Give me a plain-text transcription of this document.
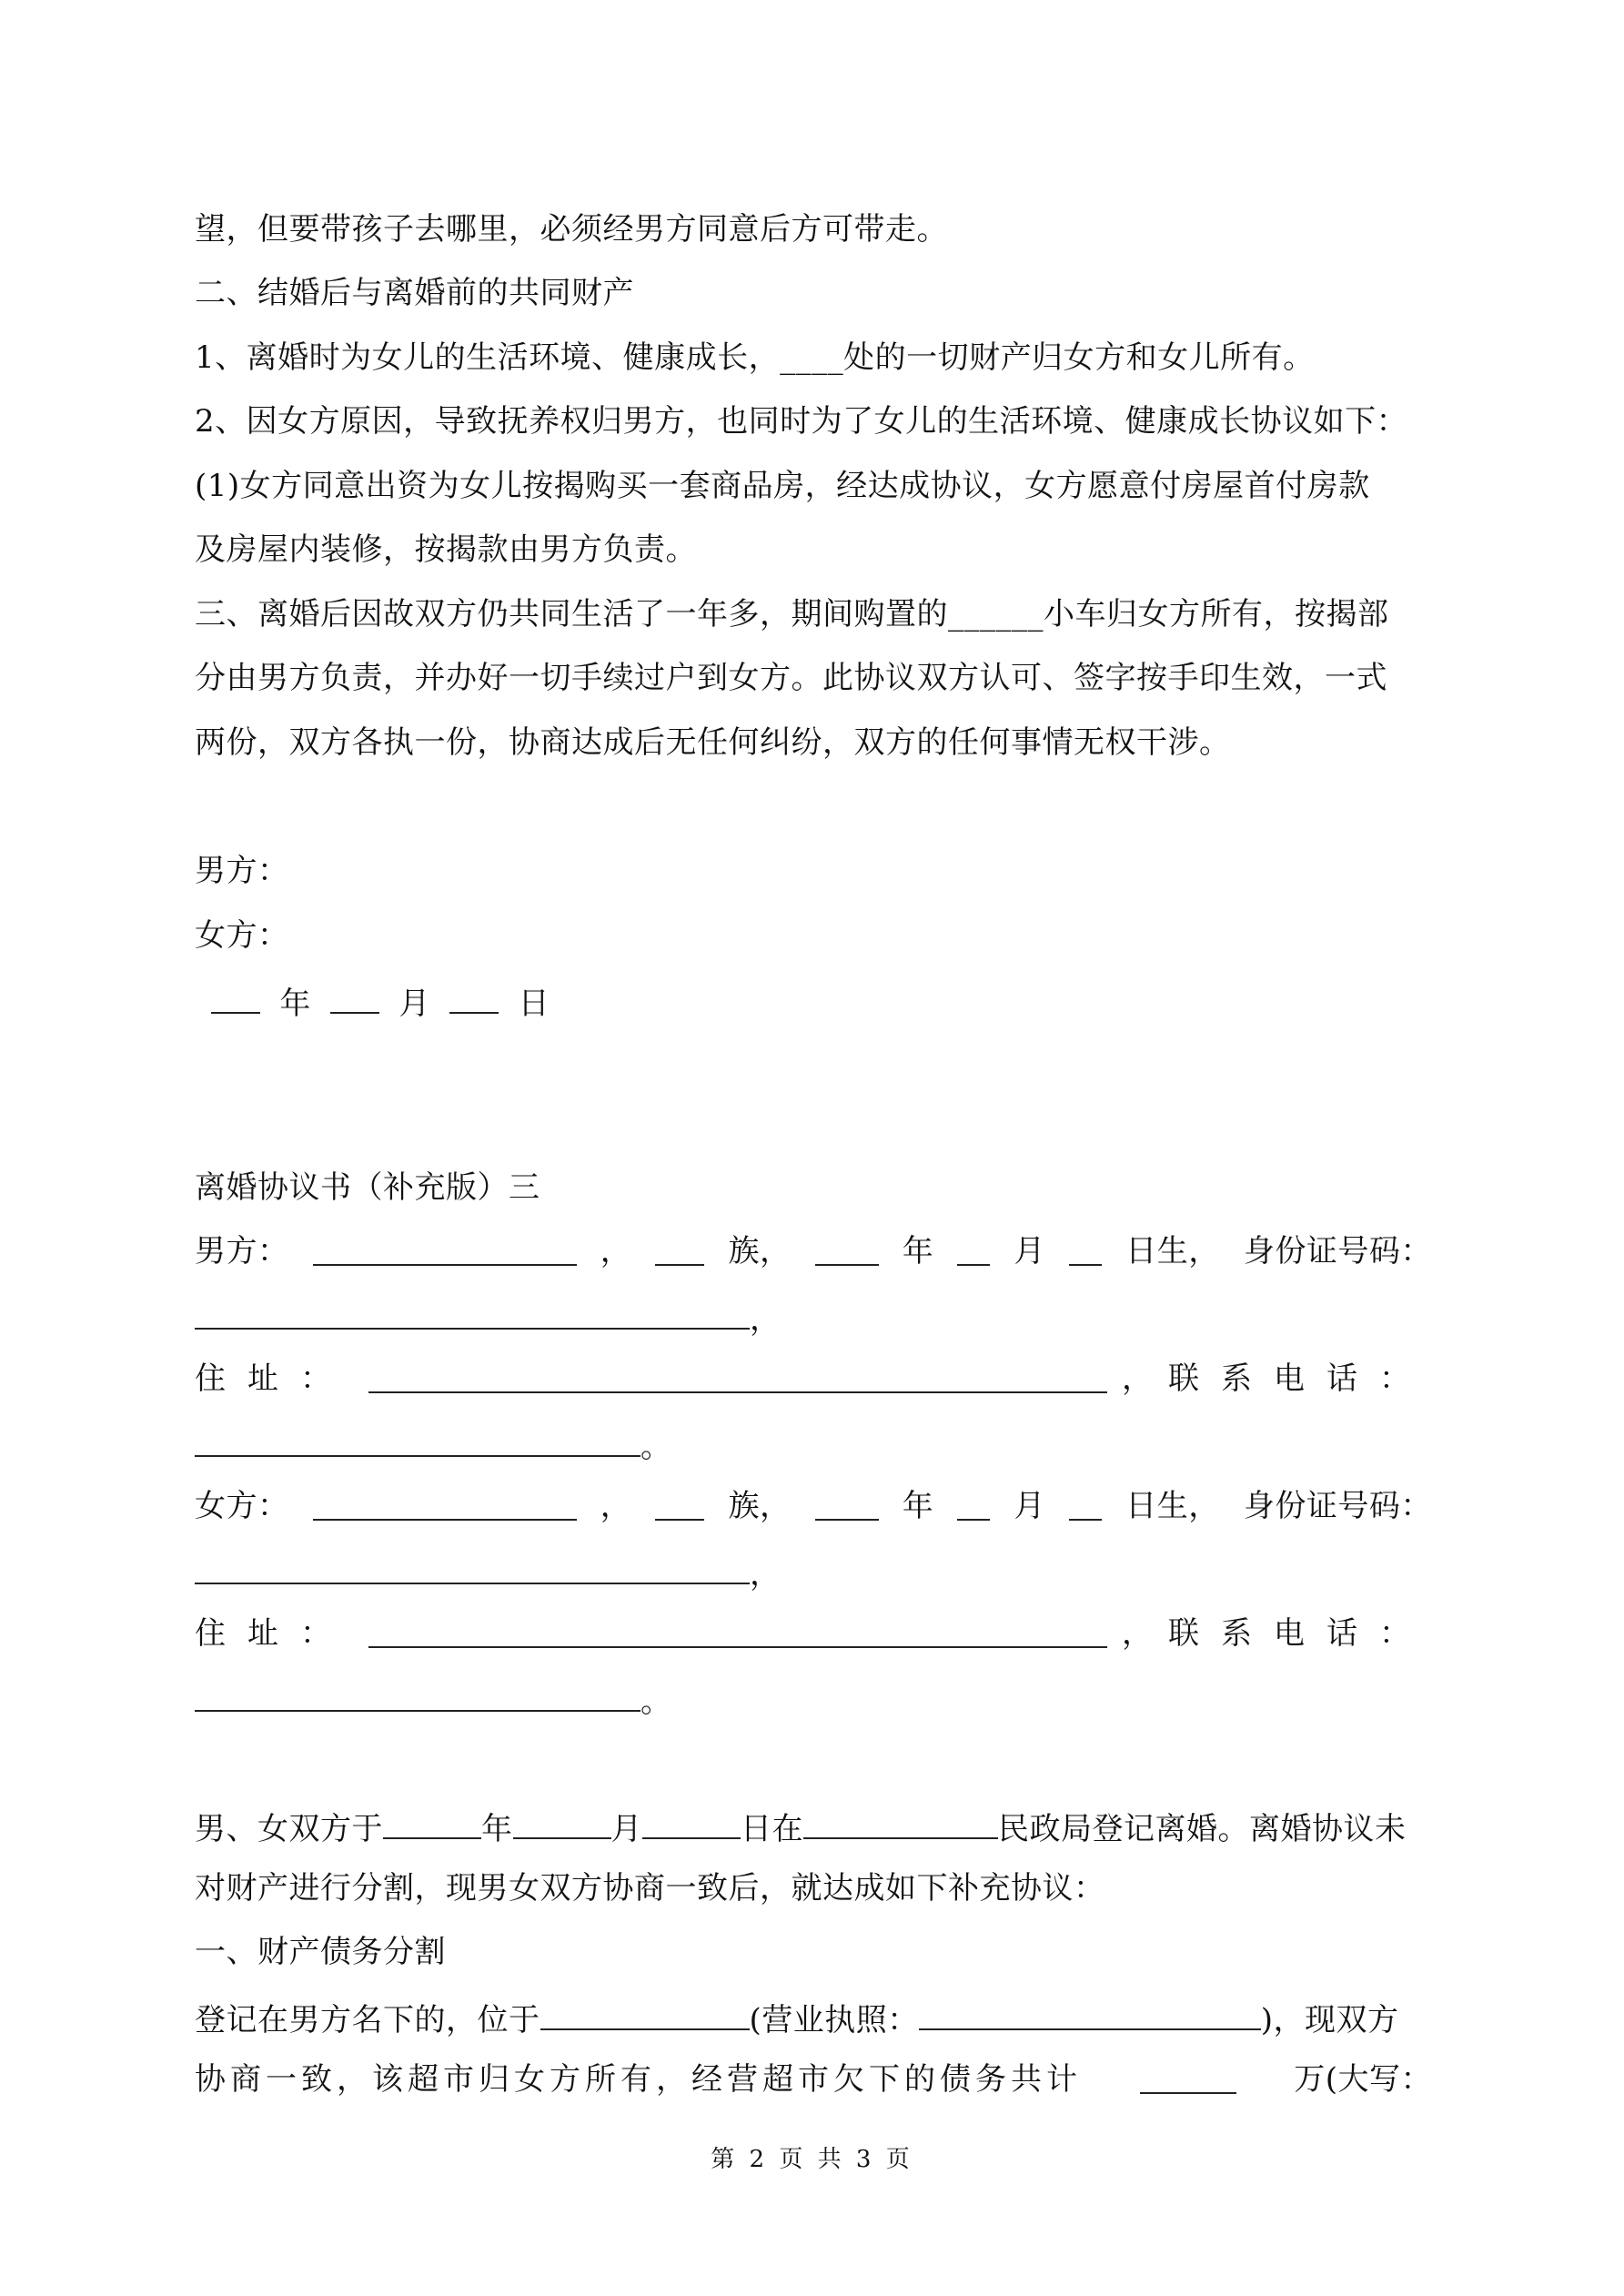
望，但要带孩子去哪里，必须经男方同意后方可带走。
二、结婚后与离婚前的共同财产
1、离婚时为女儿的生活环境、健康成长，____处的一切财产归女方和女儿所有。
2、因女方原因，导致抚养权归男方，也同时为了女儿的生活环境、健康成长协议如下：
(1)女方同意出资为女儿按揭购买一套商品房，经达成协议，女方愿意付房屋首付房款
及房屋内装修，按揭款由男方负责。
三、离婚后因故双方仍共同生活了一年多，期间购置的______小车归女方所有，按揭部
分由男方负责，并办好一切手续过户到女方。此协议双方认可、签字按手印生效，一式
两份，双方各执一份，协商达成后无任何纠纷，双方的任何事情无权干涉。
男方：
女方：
年	月	日
离婚协议书（补充版）三
男方：	，	族，	年	月	日生， 身份证号码：
，
住址：	， 联系电话：
。
女方：	，	族，	年	月	日生， 身份证号码：
，
住址：	， 联系电话：
。
男、女双方于	年	月	日在	民政局登记离婚。离婚协议未
对财产进行分割，现男女双方协商一致后，就达成如下补充协议：
一、财产债务分割
登记在男方名下的，位于	(营业执照：	)，现双方
协商一致，该超市归女方所有，经营超市欠下的债务共计	万(大写：
第 2 页 共 3 页
